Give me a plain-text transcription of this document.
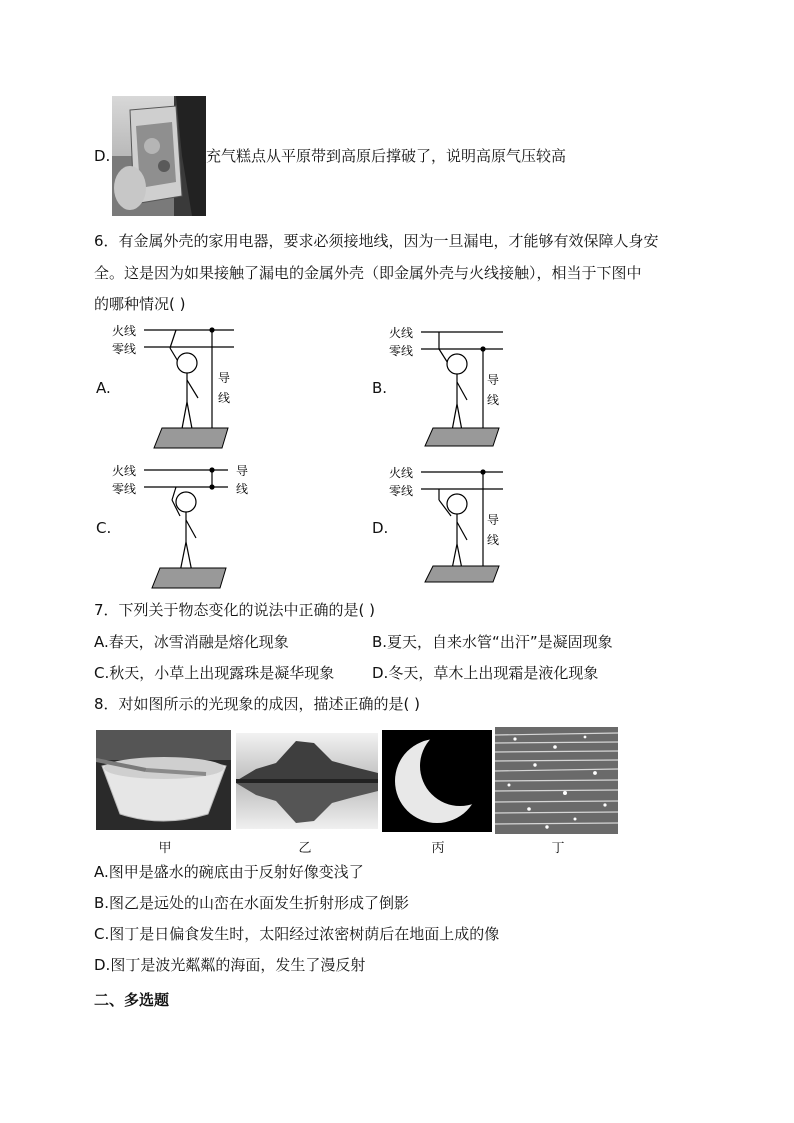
D.	充气糕点从平原带到高原后撑破了，说明高原气压较高
6．有金属外壳的家用电器，要求必须接地线，因为一旦漏电，才能够有效保障人身安
全。这是因为如果接触了漏电的金属外壳（即金属外壳与火线接触），相当于下图中
的哪种情况( )
A.	B.
C.	D.
火线
零线
导
线
火线
零线
导
线
火线
零线
导
线
火线
零线
导
线
7．下列关于物态变化的说法中正确的是( )
A.春天，冰雪消融是熔化现象	B.夏天，自来水管“出汗”是凝固现象
C.秋天，小草上出现露珠是凝华现象	D.冬天，草木上出现霜是液化现象
8．对如图所示的光现象的成因，描述正确的是( )
甲	乙	丙	丁
A.图甲是盛水的碗底由于反射好像变浅了
B.图乙是远处的山峦在水面发生折射形成了倒影
C.图丁是日偏食发生时，太阳经过浓密树荫后在地面上成的像
D.图丁是波光粼粼的海面，发生了漫反射
二、多选题
